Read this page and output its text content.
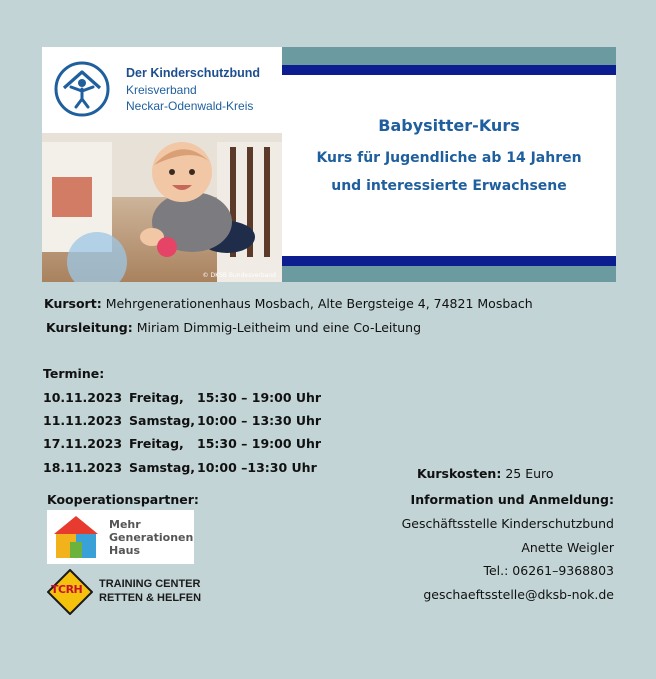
© DKSB Bundesverband
Der Kinderschutzbund
Kreisverband
Neckar-Odenwald-Kreis
Babysitter-Kurs
Kurs für Jugendliche ab 14 Jahren
und interessierte Erwachsene
Kursort: Mehrgenerationenhaus Mosbach, Alte Bergsteige 4, 74821 Mosbach
Kursleitung: Miriam Dimmig-Leitheim und eine Co-Leitung
Termine:
10.11.2023 Freitag, 15:30 – 19:00 Uhr
11.11.2023 Samstag, 10:00 – 13:30 Uhr
17.11.2023 Freitag, 15:30 – 19:00 Uhr
18.11.2023 Samstag, 10:00 –13:30 Uhr
Kooperationspartner:
Mehr
Generationen
Haus
TCRH TRAINING CENTER
RETTEN & HELFEN
Kurskosten: 25 Euro
Information und Anmeldung:
Geschäftsstelle Kinderschutzbund
Anette Weigler
Tel.: 06261–9368803
geschaeftsstelle@dksb-nok.de
